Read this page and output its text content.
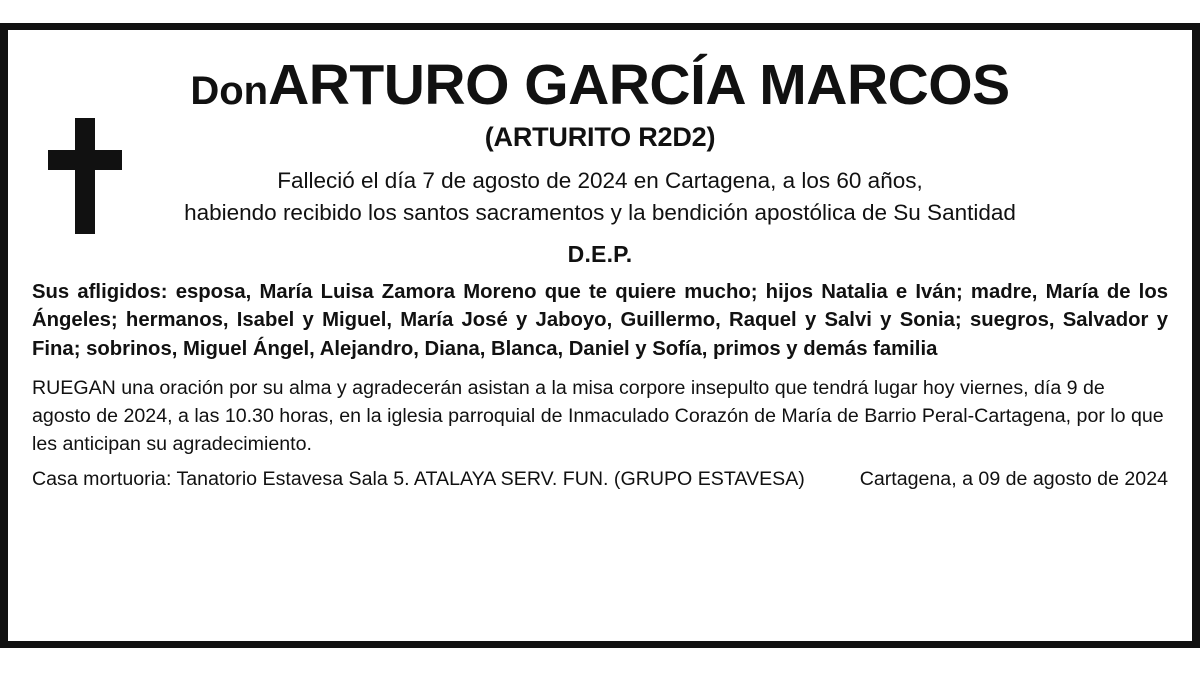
DonARTURO GARCÍA MARCOS
(ARTURITO R2D2)
Falleció el día 7 de agosto de 2024 en Cartagena, a los 60 años,
habiendo recibido los santos sacramentos y la bendición apostólica de Su Santidad
D.E.P.
Sus afligidos: esposa, María Luisa Zamora Moreno que te quiere mucho; hijos Natalia e Iván; madre, María de los Ángeles; hermanos, Isabel y Miguel, María José y Jaboyo, Guillermo, Raquel y Salvi y Sonia; suegros, Salvador y Fina; sobrinos, Miguel Ángel, Alejandro, Diana, Blanca, Daniel y Sofía, primos y demás familia
RUEGAN una oración por su alma y agradecerán asistan a la misa corpore insepulto que tendrá lugar hoy viernes, día 9 de agosto de 2024, a las 10.30 horas, en la iglesia parroquial de Inmaculado Corazón de María de Barrio Peral-Cartagena, por lo que les anticipan su agradecimiento.
Casa mortuoria: Tanatorio Estavesa Sala 5. ATALAYA SERV. FUN. (GRUPO ESTAVESA)	Cartagena, a 09 de agosto de 2024
